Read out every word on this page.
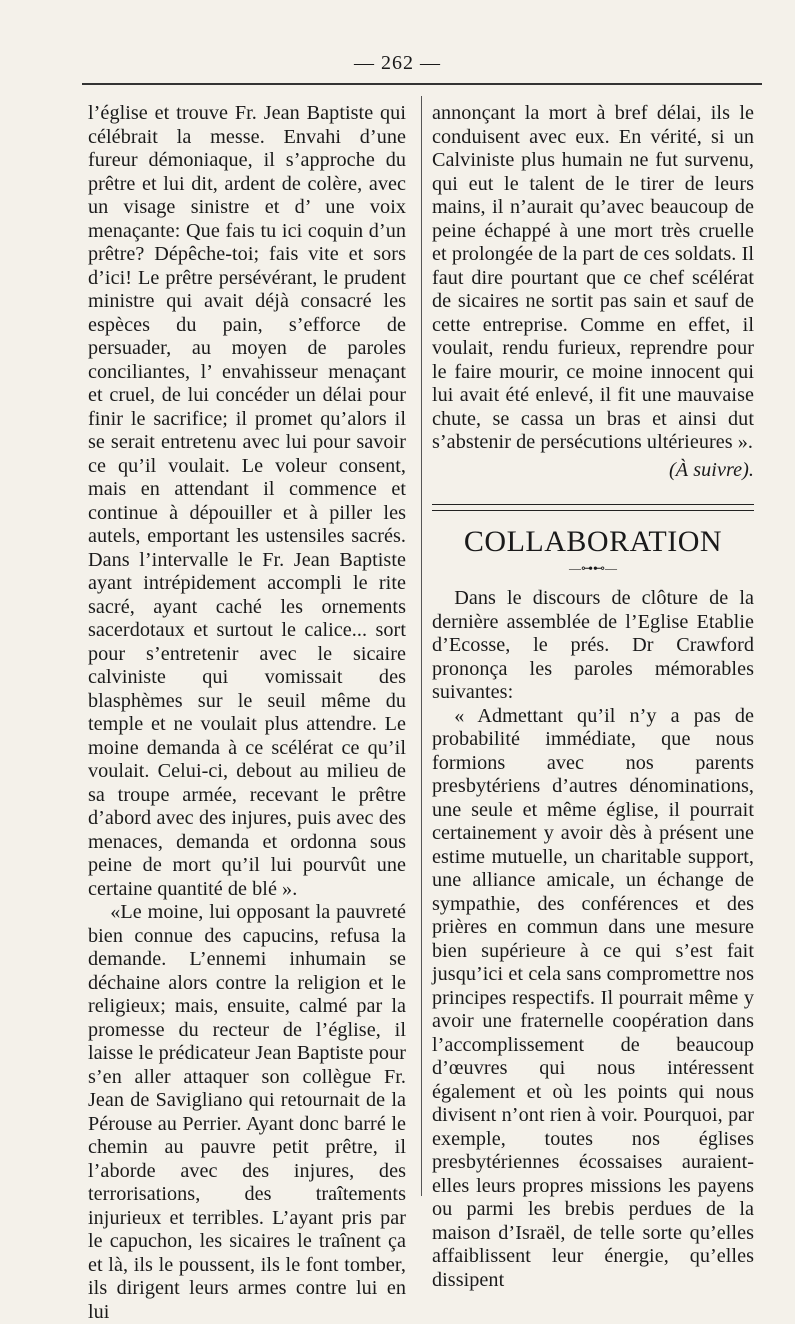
— 262 —

l’église et trouve Fr. Jean Baptiste qui célébrait la messe. Envahi d’une fureur démoniaque, il s’approche du prêtre et lui dit, ardent de colère, avec un visage sinistre et d’ une voix menaçante: Que fais tu ici coquin d’un prêtre? Dépêche-toi; fais vite et sors d’ici! Le prêtre persévérant, le prudent ministre qui avait déjà consacré les espèces du pain, s’efforce de persuader, au moyen de paroles conciliantes, l’ envahisseur menaçant et cruel, de lui concéder un délai pour finir le sacrifice; il promet qu’alors il se serait entretenu avec lui pour savoir ce qu’il voulait. Le voleur consent, mais en attendant il commence et continue à dépouiller et à piller les autels, emportant les ustensiles sacrés. Dans l’intervalle le Fr. Jean Baptiste ayant intrépidement accompli le rite sacré, ayant caché les ornements sacerdotaux et surtout le calice... sort pour s’entretenir avec le sicaire calviniste qui vomissait des blasphèmes sur le seuil même du temple et ne voulait plus attendre. Le moine demanda à ce scélérat ce qu’il voulait. Celui-ci, debout au milieu de sa troupe armée, recevant le prêtre d’abord avec des injures, puis avec des menaces, demanda et ordonna sous peine de mort qu’il lui pourvût une certaine quantité de blé ».

«Le moine, lui opposant la pauvreté bien connue des capucins, refusa la demande. L’ennemi inhumain se déchaine alors contre la religion et le religieux; mais, ensuite, calmé par la promesse du recteur de l’église, il laisse le prédicateur Jean Baptiste pour s’en aller attaquer son collègue Fr. Jean de Savigliano qui retournait de la Pérouse au Perrier. Ayant donc barré le chemin au pauvre petit prêtre, il l’aborde avec des injures, des terrorisations, des traîtements injurieux et terribles. L’ayant pris par le capuchon, les sicaires le traînent ça et là, ils le poussent, ils le font tomber, ils dirigent leurs armes contre lui en lui

annonçant la mort à bref délai, ils le conduisent avec eux. En vérité, si un Calviniste plus humain ne fut survenu, qui eut le talent de le tirer de leurs mains, il n’aurait qu’avec beaucoup de peine échappé à une mort très cruelle et prolongée de la part de ces soldats. Il faut dire pourtant que ce chef scélérat de sicaires ne sortit pas sain et sauf de cette entreprise. Comme en effet, il voulait, rendu furieux, reprendre pour le faire mourir, ce moine innocent qui lui avait été enlevé, il fit une mauvaise chute, se cassa un bras et ainsi dut s’abstenir de persécutions ultérieures ».

(À suivre).

COLLABORATION
—⊶⊷—

Dans le discours de clôture de la dernière assemblée de l’Eglise Etablie d’Ecosse, le prés. Dr Crawford prononça les paroles mémorables suivantes:

« Admettant qu’il n’y a pas de probabilité immédiate, que nous formions avec nos parents presbytériens d’autres dénominations, une seule et même église, il pourrait certainement y avoir dès à présent une estime mutuelle, un charitable support, une alliance amicale, un échange de sympathie, des conférences et des prières en commun dans une mesure bien supérieure à ce qui s’est fait jusqu’ici et cela sans compromettre nos principes respectifs. Il pourrait même y avoir une fraternelle coopération dans l’accomplissement de beaucoup d’œuvres qui nous intéressent également et où les points qui nous divisent n’ont rien à voir. Pourquoi, par exemple, toutes nos églises presbytériennes écossaises auraient-elles leurs propres missions les payens ou parmi les brebis perdues de la maison d’Israël, de telle sorte qu’elles affaiblissent leur énergie, qu’elles dissipent
